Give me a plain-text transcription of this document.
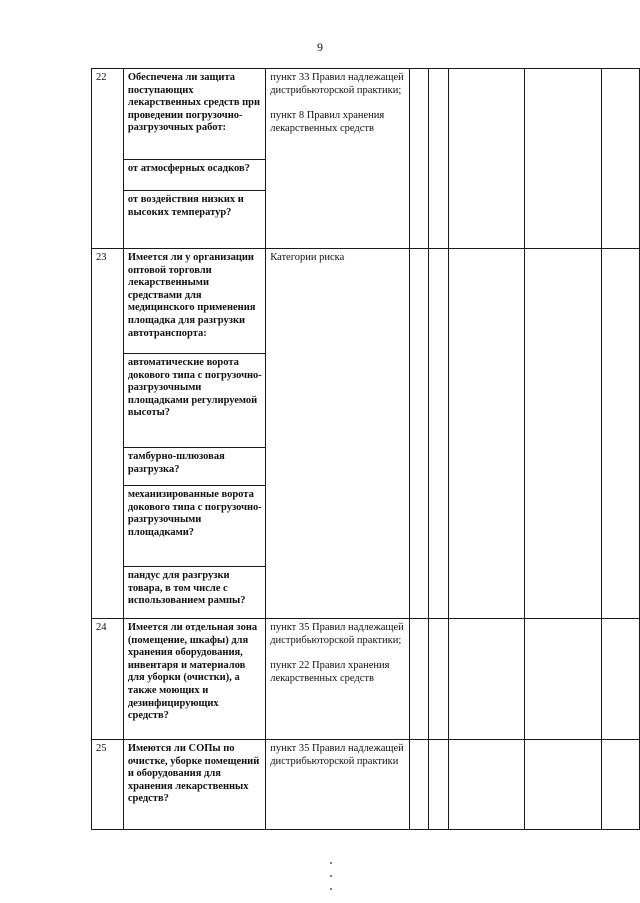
9
22	Обеспечена ли защита поступающих лекарственных средств при проведении погрузочно-разгрузочных работ:	пункт 33 Правил надлежащей дистрибьюторской практики;
пункт 8 Правил хранения лекарственных средств					

	от атмосферных осадков?						
	от воздействия низких и высоких температур?						
23	Имеется ли у организации оптовой торговли лекарственными средствами для медицинского применения площадка для разгрузки автотранспорта:	Категории риска					

	автоматические ворота докового типа с погрузочно-разгрузочными площадками регулируемой высоты?						
	тамбурно-шлюзовая разгрузка?						
	механизированные ворота докового типа с погрузочно-разгрузочными площадками?						
	пандус для разгрузки товара, в том числе с использованием рампы?						
24	Имеется ли отдельная зона (помещение, шкафы) для хранения оборудования, инвентаря и материалов для уборки (очистки), а также моющих и дезинфицирующих средств?	пункт 35 Правил надлежащей дистрибьюторской практики;
пункт 22 Правил хранения лекарственных средств					

25	Имеются ли СОПы по очистке, уборке помещений и оборудования для хранения лекарственных средств?	пункт 35 Правил надлежащей дистрибьюторской практики					
